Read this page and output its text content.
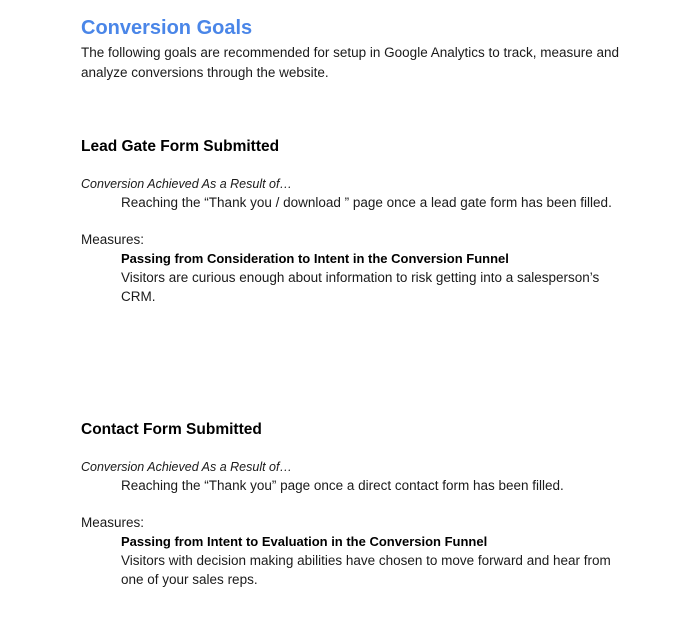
Conversion Goals

The following goals are recommended for setup in Google Analytics to track, measure and analyze conversions through the website.

Lead Gate Form Submitted
Conversion Achieved As a Result of…
Reaching the “Thank you / download ” page once a lead gate form has been filled.
Measures:
Passing from Consideration to Intent in the Conversion Funnel
Visitors are curious enough about information to risk getting into a salesperson’s CRM.
Contact Form Submitted
Conversion Achieved As a Result of…
Reaching the “Thank you” page once a direct contact form has been filled.
Measures:
Passing from Intent to Evaluation in the Conversion Funnel
Visitors with decision making abilities have chosen to move forward and hear from one of your sales reps.
